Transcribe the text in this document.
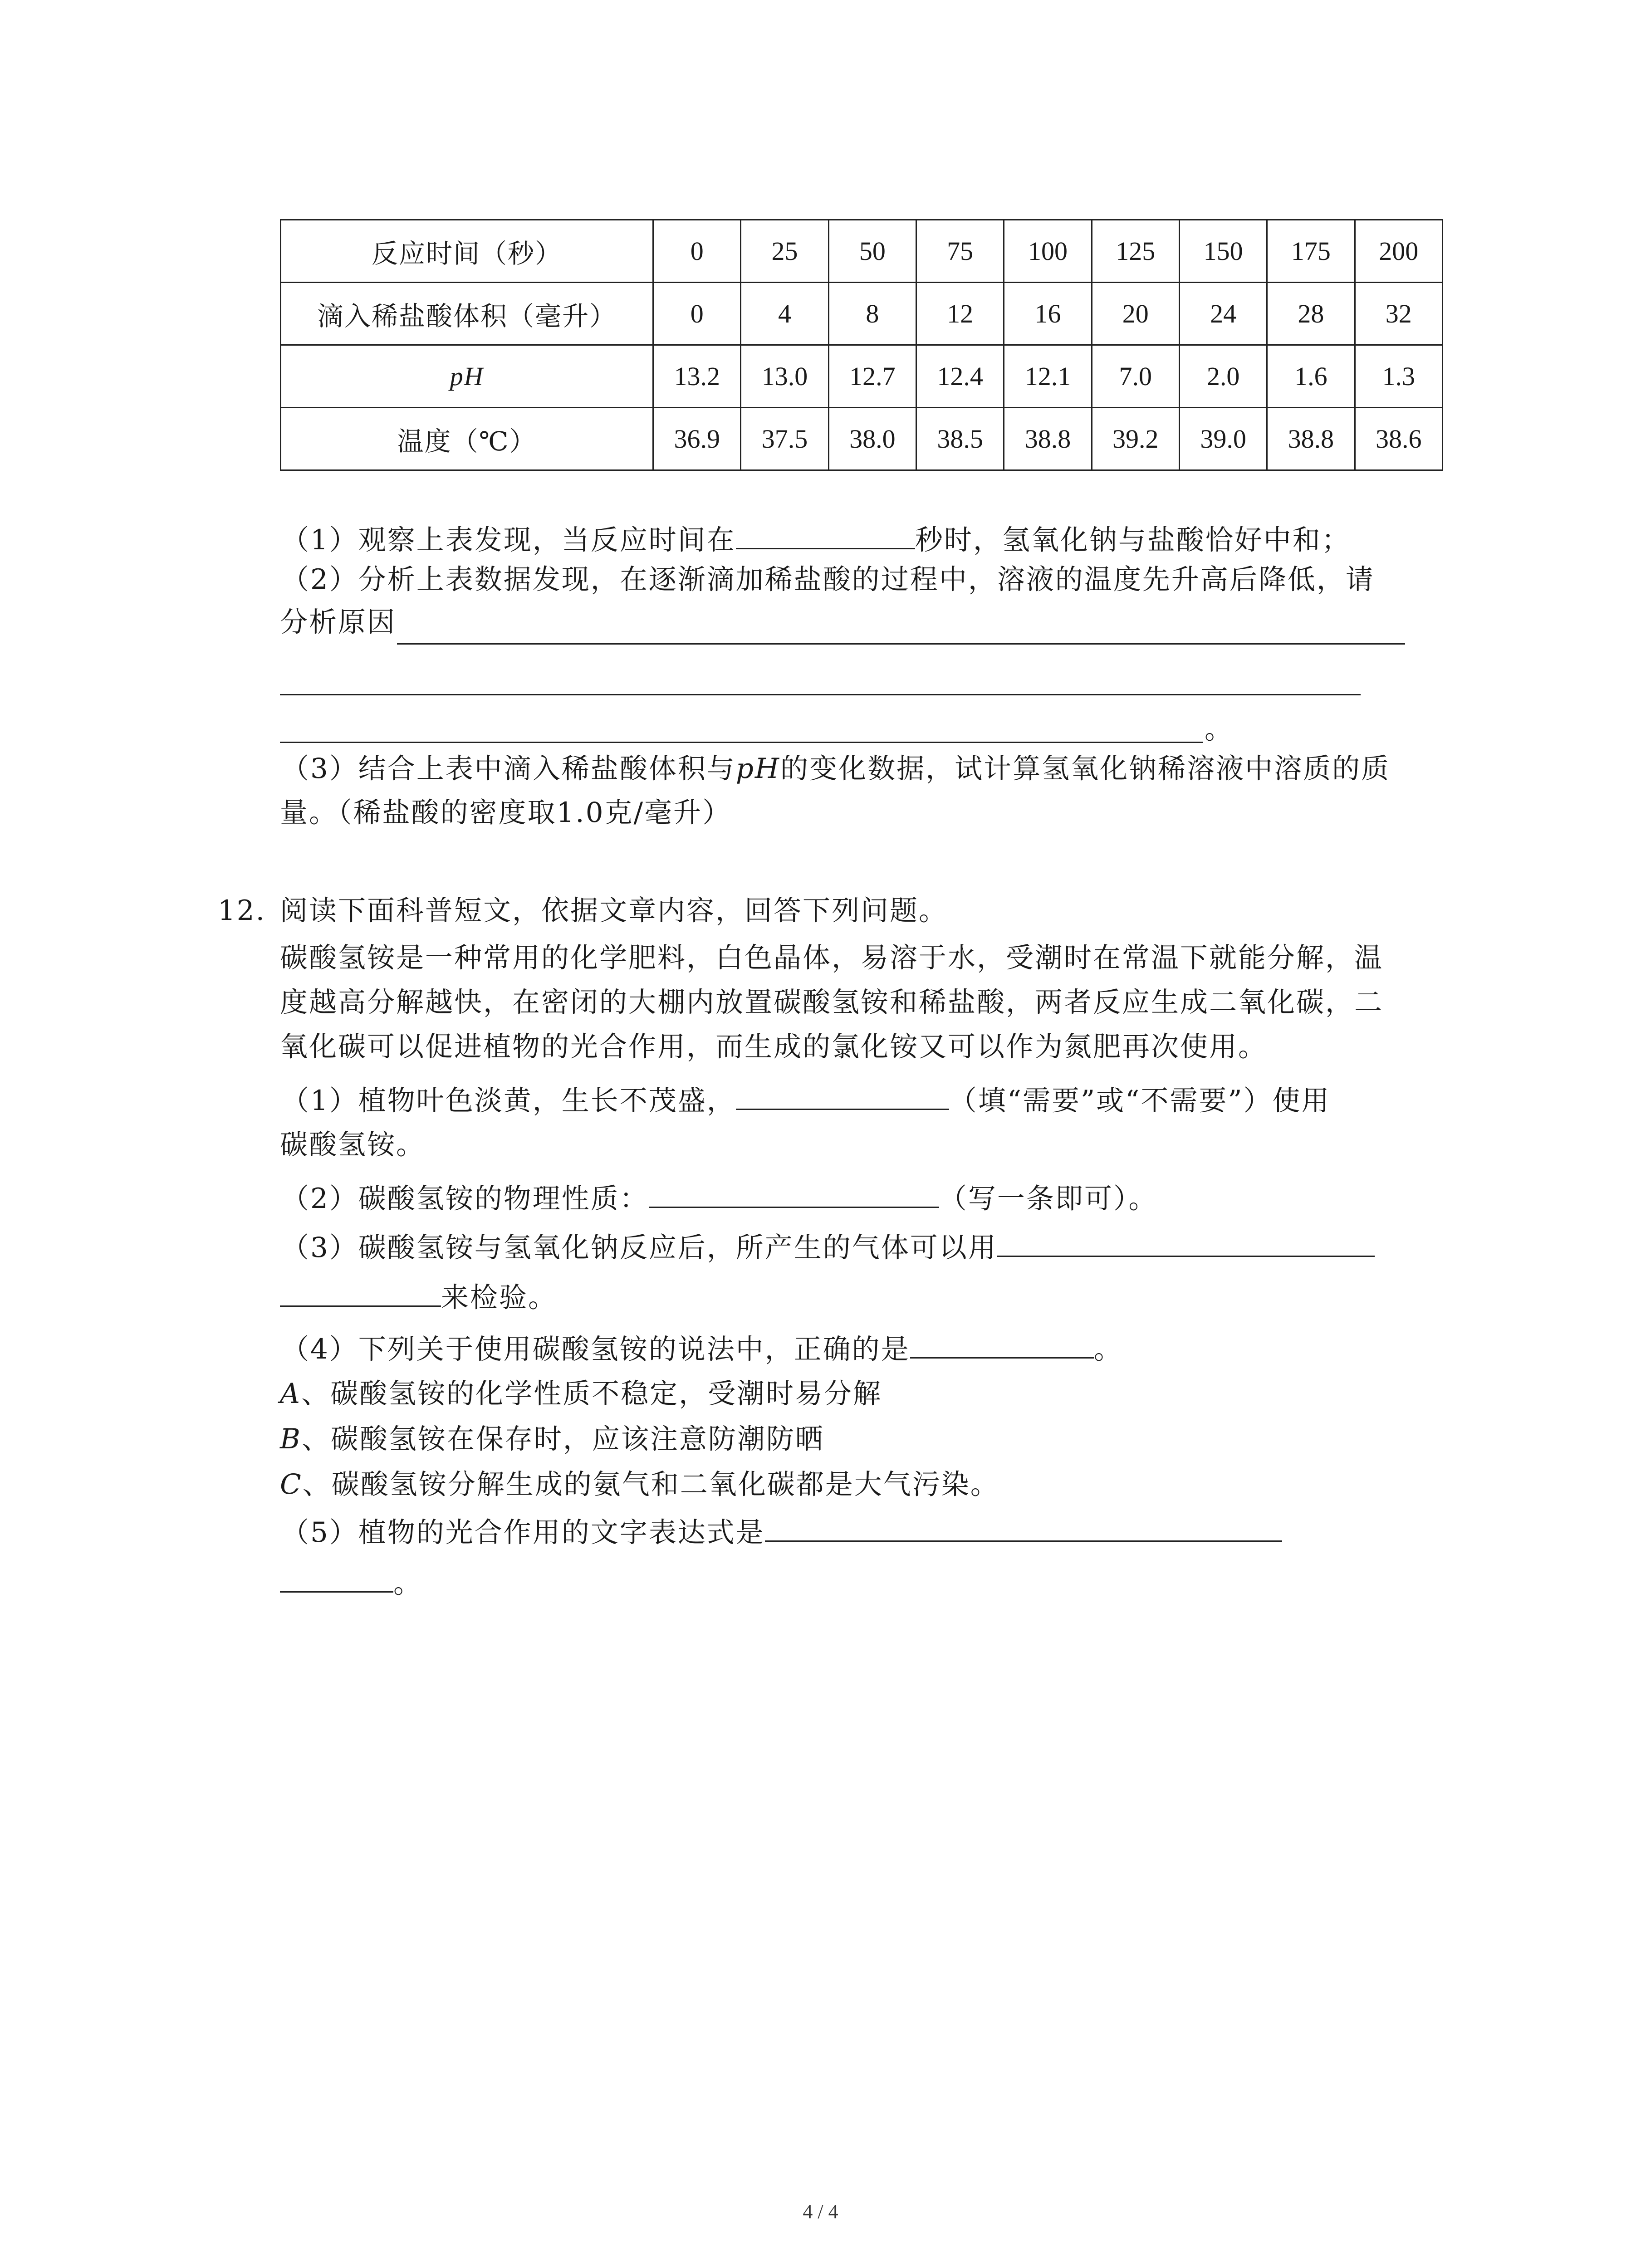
反应时间（秒）	0	25	50	75	100	125	150	175	200
滴入稀盐酸体积（毫升）	0	4	8	12	16	20	24	28	32
pH	13.2	13.0	12.7	12.4	12.1	7.0	2.0	1.6	1.3
温度（℃）	36.9	37.5	38.0	38.5	38.8	39.2	39.0	38.8	38.6
（1）观察上表发现，当反应时间在	秒时，氢氧化钠与盐酸恰好中和；
（2）分析上表数据发现，在逐渐滴加稀盐酸的过程中，溶液的温度先升高后降低，请
分析原因
。
（3）结合上表中滴入稀盐酸体积与pH的变化数据，试计算氢氧化钠稀溶液中溶质的质
量。（稀盐酸的密度取1.0克/毫升）
12. 阅读下面科普短文，依据文章内容，回答下列问题。
碳酸氢铵是一种常用的化学肥料，白色晶体，易溶于水，受潮时在常温下就能分解，温
度越高分解越快，在密闭的大棚内放置碳酸氢铵和稀盐酸，两者反应生成二氧化碳，二
氧化碳可以促进植物的光合作用，而生成的氯化铵又可以作为氮肥再次使用。
（1）植物叶色淡黄，生长不茂盛，	（填“需要”或“不需要”）使用
碳酸氢铵。
（2）碳酸氢铵的物理性质：	（写一条即可）。
（3）碳酸氢铵与氢氧化钠反应后，所产生的气体可以用
来检验。
（4）下列关于使用碳酸氢铵的说法中，正确的是	。
A、碳酸氢铵的化学性质不稳定，受潮时易分解
B、碳酸氢铵在保存时，应该注意防潮防晒
C、碳酸氢铵分解生成的氨气和二氧化碳都是大气污染。
（5）植物的光合作用的文字表达式是
。
4 / 4
